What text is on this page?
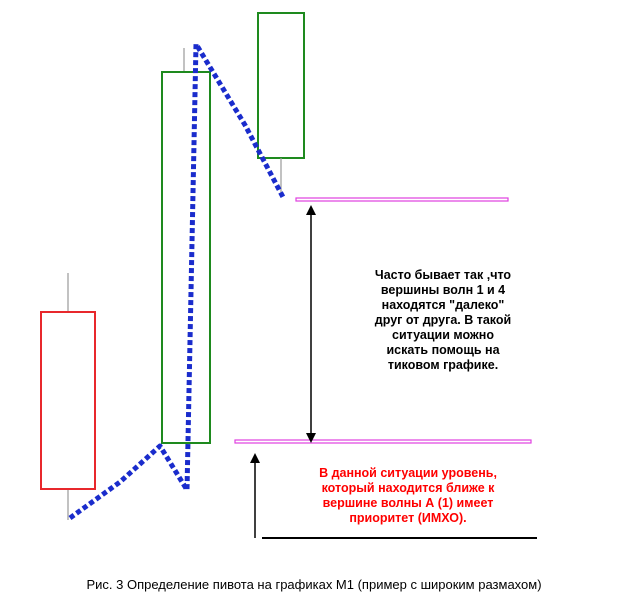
Часто бывает так ,что
вершины волн 1 и 4
находятся "далеко"
друг от друга. В такой
ситуации можно
искать помощь на
тиковом графике.

В данной ситуации уровень,
который находится ближе к
вершине волны А (1) имеет
приоритет (ИМХО).

Рис. 3 Определение пивота на графиках М1 (пример с широким размахом)
